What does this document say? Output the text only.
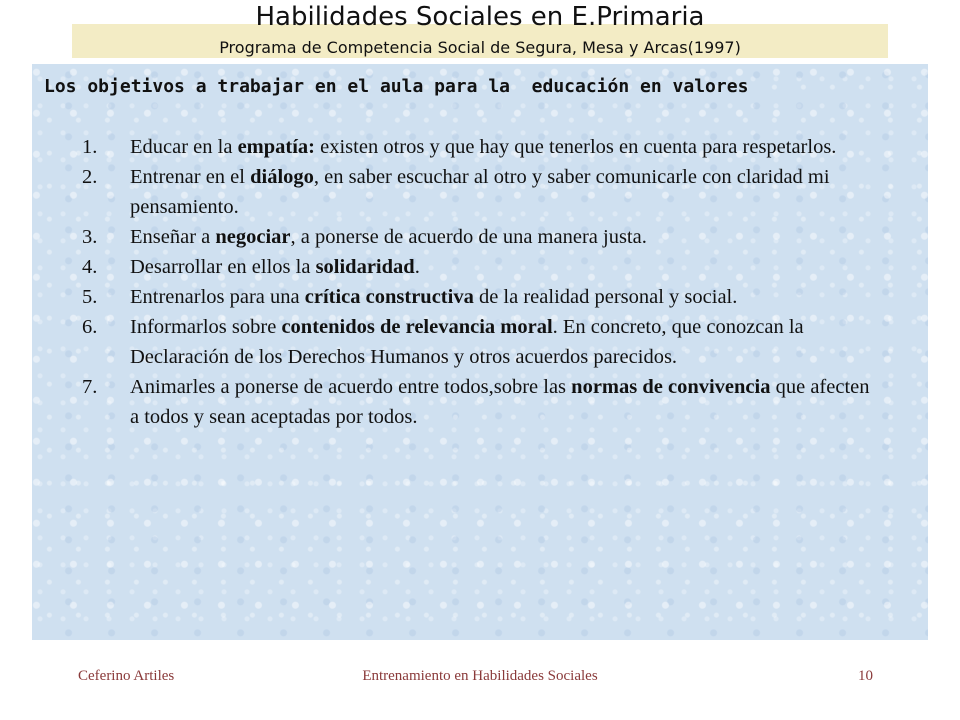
Habilidades Sociales en E.Primaria
Programa de Competencia Social de Segura, Mesa y Arcas(1997)
Los objetivos a trabajar en el aula para la  educación en valores
1. Educar en la empatía: existen otros y que hay que tenerlos en cuenta para respetarlos.
2. Entrenar en el diálogo, en saber escuchar al otro y saber comunicarle con claridad mi pensamiento.
3. Enseñar a negociar, a ponerse de acuerdo de una manera justa.
4. Desarrollar en ellos la solidaridad.
5. Entrenarlos para una crítica constructiva de la realidad personal y social.
6. Informarlos sobre contenidos de relevancia moral. En concreto, que conozcan la Declaración de los Derechos Humanos y otros acuerdos parecidos.
7. Animarles a ponerse de acuerdo entre todos,sobre las normas de convivencia que afecten a todos y sean aceptadas por todos.
Ceferino Artiles	Entrenamiento en Habilidades Sociales	10
